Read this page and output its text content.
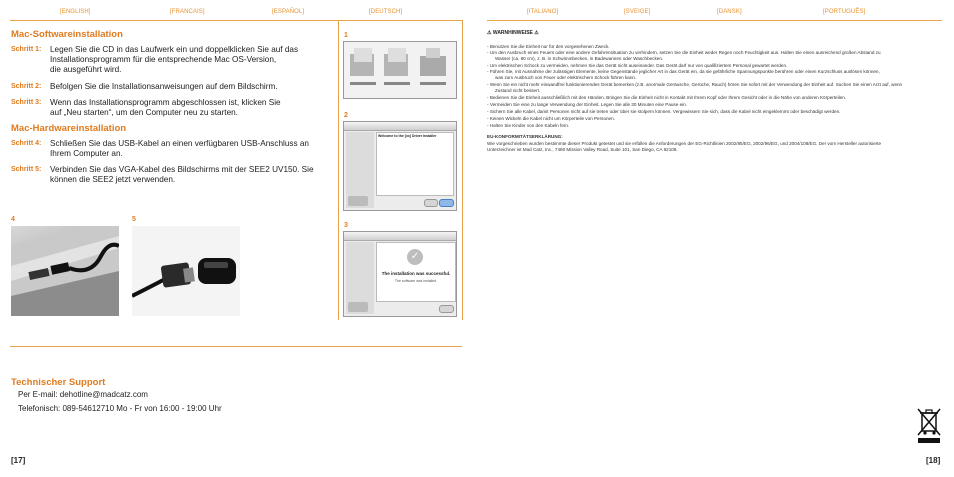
[ENGLISH]	[FRANCAIS]	[ESPAÑOL]	[DEUTSCH]	[ITALIANO]	[SVEIGE]	[DANSK]	[PORTUGUÊS]
Mac-Softwareinstallation
Schritt 1: Legen Sie die CD in das Laufwerk ein und doppelklicken Sie auf das
Installationsprogramm für die entsprechende Mac OS-Version,
die ausgeführt wird.
Schritt 2: Befolgen Sie die Installationsanweisungen auf dem Bildschirm.
Schritt 3: Wenn das Installationsprogramm abgeschlossen ist, klicken Sie
auf „Neu starten“, um den Computer neu zu starten.
Mac-Hardwareinstallation
Schritt 4: Schließen Sie das USB-Kabel an einen verfügbaren USB-Anschluss an
Ihrem Computer an.
Schritt 5: Verbinden Sie das VGA-Kabel des Bildschirms mit der SEE2 UV150. Sie
können die SEE2 jetzt verwenden.
4	5
1
2
Welcome to the [xx] Driver Installer
3
✓
The installation was successful.
The software was installed.
Technischer Support
Per E-mail: dehotline@madcatz.com
Telefonisch: 089-54612710 Mo - Fr von 16:00 - 19:00 Uhr
[17]
⚠ WARNHINWEISE ⚠
- Benutzen Sie die Einheit nur für den vorgesehenen Zweck.
- Um den Ausbruch eines Feuers oder eine andere Gefahrensituation zu verhindern, setzen Sie die Einheit weder Regen noch Feuchtigkeit aus. Halten Sie einen ausreichend großen Abstand zu
Wasser (ca. 80 cm), z. B. in Schwimmbecken, in Badewannen oder Waschbecken.
- Um elektrischen Schock zu vermeiden, nehmen Sie das Gerät nicht auseinander. Das Gerät darf nur von qualifiziertem Personal gewartet werden.
- Führen Sie, mit Ausnahme der zulässigen Elemente, keine Gegenstände jeglicher Art in das Gerät ein, da sie gefährliche Spannungspunkte berühren oder einen Kurzschluss auslösen können,
was zum Ausbruch von Feuer oder elektrischem Schock führen kann.
- Wenn Sie ein nicht mehr einwandfrei funktionierendes Gerät bemerken (z.B. anormale Geräusche, Gerüche, Rauch) hören Sie sofort mit der Verwendung der Einheit auf. Suchen Sie einen Arzt auf, wenn
Zustand nicht bessert.
- Bedienen Sie die Einheit ausschließlich mit den Händen. Bringen Sie die Einheit nicht in Kontakt mit Ihrem Kopf oder Ihrem Gesicht oder in die Nähe von anderen Körperteilen.
- Vermeiden Sie eine zu lange Verwendung der Einheit. Legen Sie alle 30 Minuten eine Pause ein.
- Sichern Sie alle Kabel, damit Personen nicht auf sie treten oder über sie stolpern können. Vergewissern Sie sich, dass die Kabel nicht eingeklemmt oder beschädigt werden.
- Keinen Wickeln die Kabel nicht um Körperteile von Personen.
- Halten Sie Kinder von den Kabeln fern.
EU-KONFORMITÄTSERKLÄRUNG:
Wie vorgeschrieben wurden bestimmte dieser Produkt getestet und sie erfüllen die Anforderungen der EG-Richtlinien 2002/95/EG, 2002/96/EG, und 2004/108/EG. Der vom Hersteller autorisierte
Unterzeichner ist Mad Catz, Inc., 7480 Mission Valley Road, Suite 101, San Diego, CA 92108.
[18]
